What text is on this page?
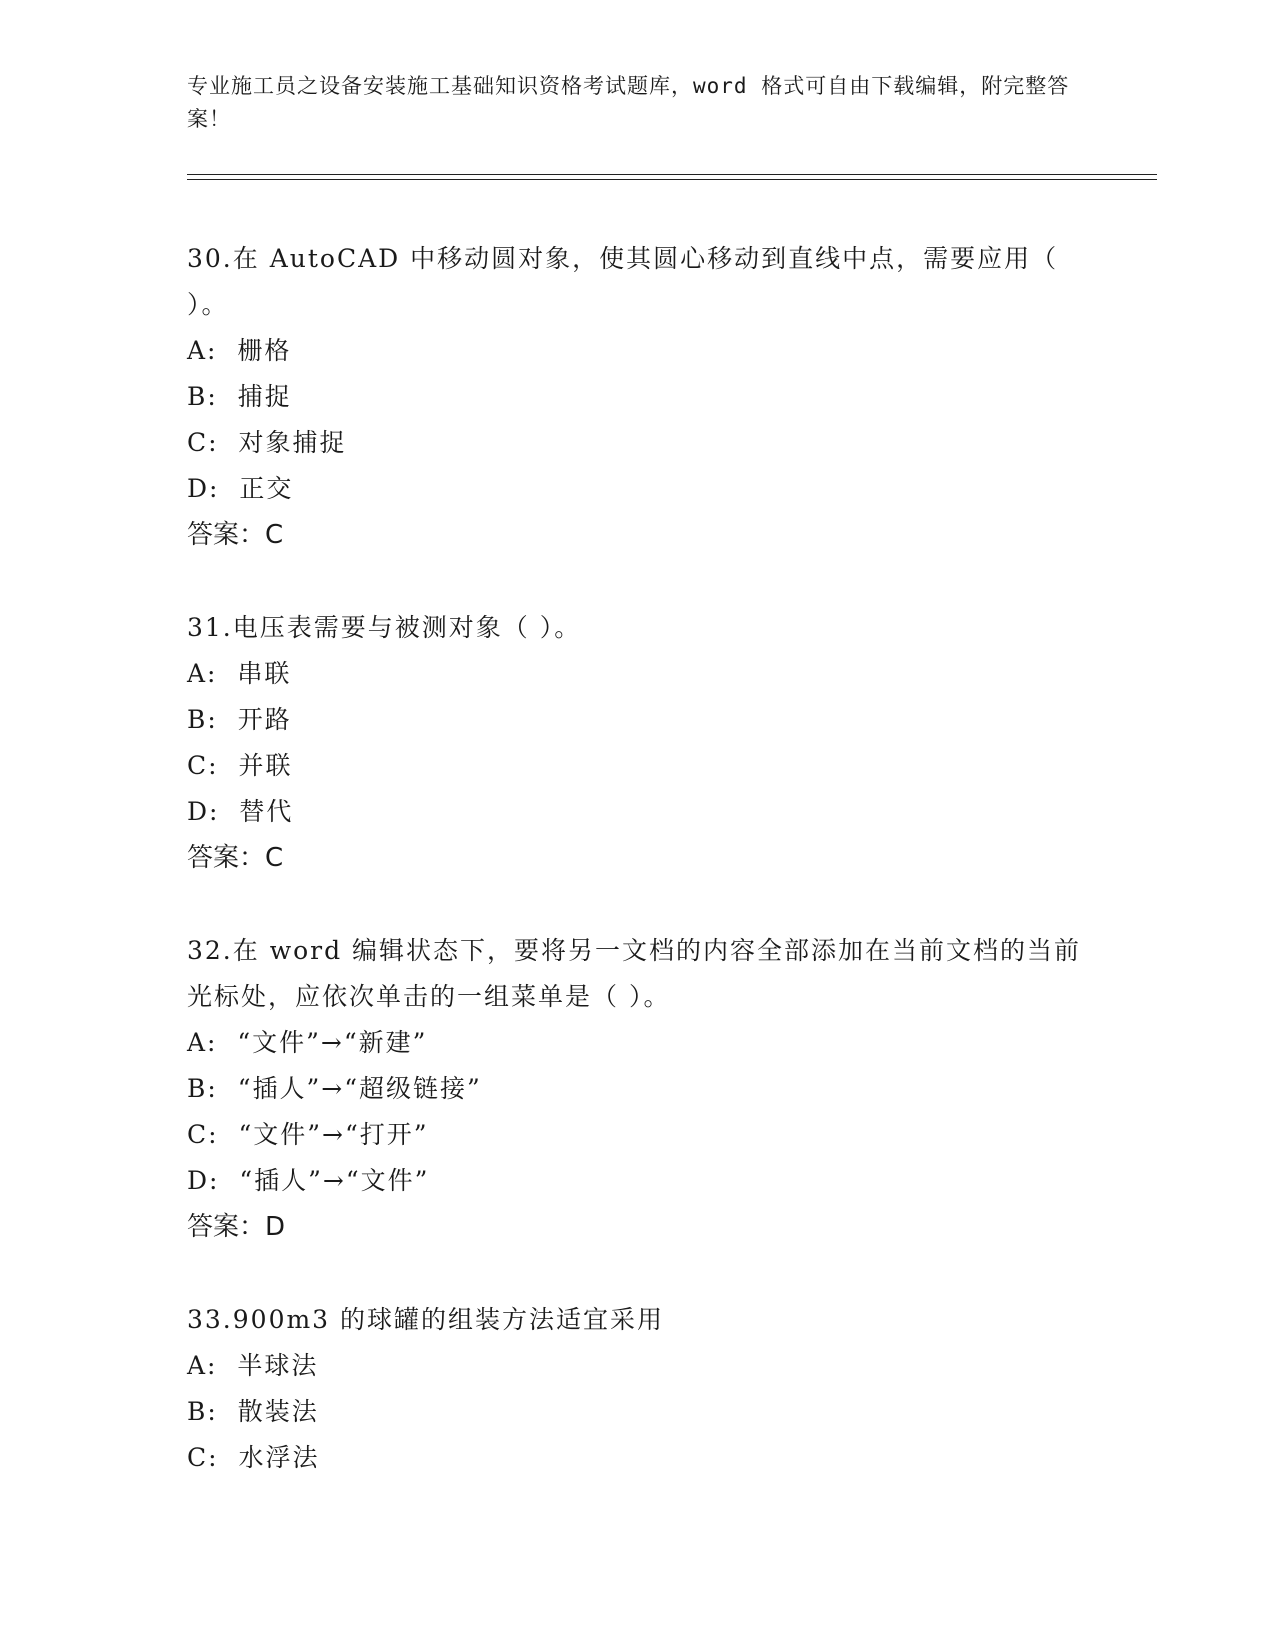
专业施工员之设备安装施工基础知识资格考试题库，word 格式可自由下载编辑，附完整答案！

30.在 AutoCAD 中移动圆对象，使其圆心移动到直线中点，需要应用（ ）。

A:  栅格

B:  捕捉

C:  对象捕捉

D:  正交

答案：C

31.电压表需要与被测对象（ ）。

A:  串联

B:  开路

C:  并联

D:  替代

答案：C

32.在 word 编辑状态下，要将另一文档的内容全部添加在当前文档的当前光标处，应依次单击的一组菜单是（ ）。

A:  “文件”→“新建”

B:  “插人”→“超级链接”

C:  “文件”→“打开”

D:  “插人”→“文件”

答案：D

33.900m3 的球罐的组装方法适宜采用

A:  半球法

B:  散装法

C:  水浮法
